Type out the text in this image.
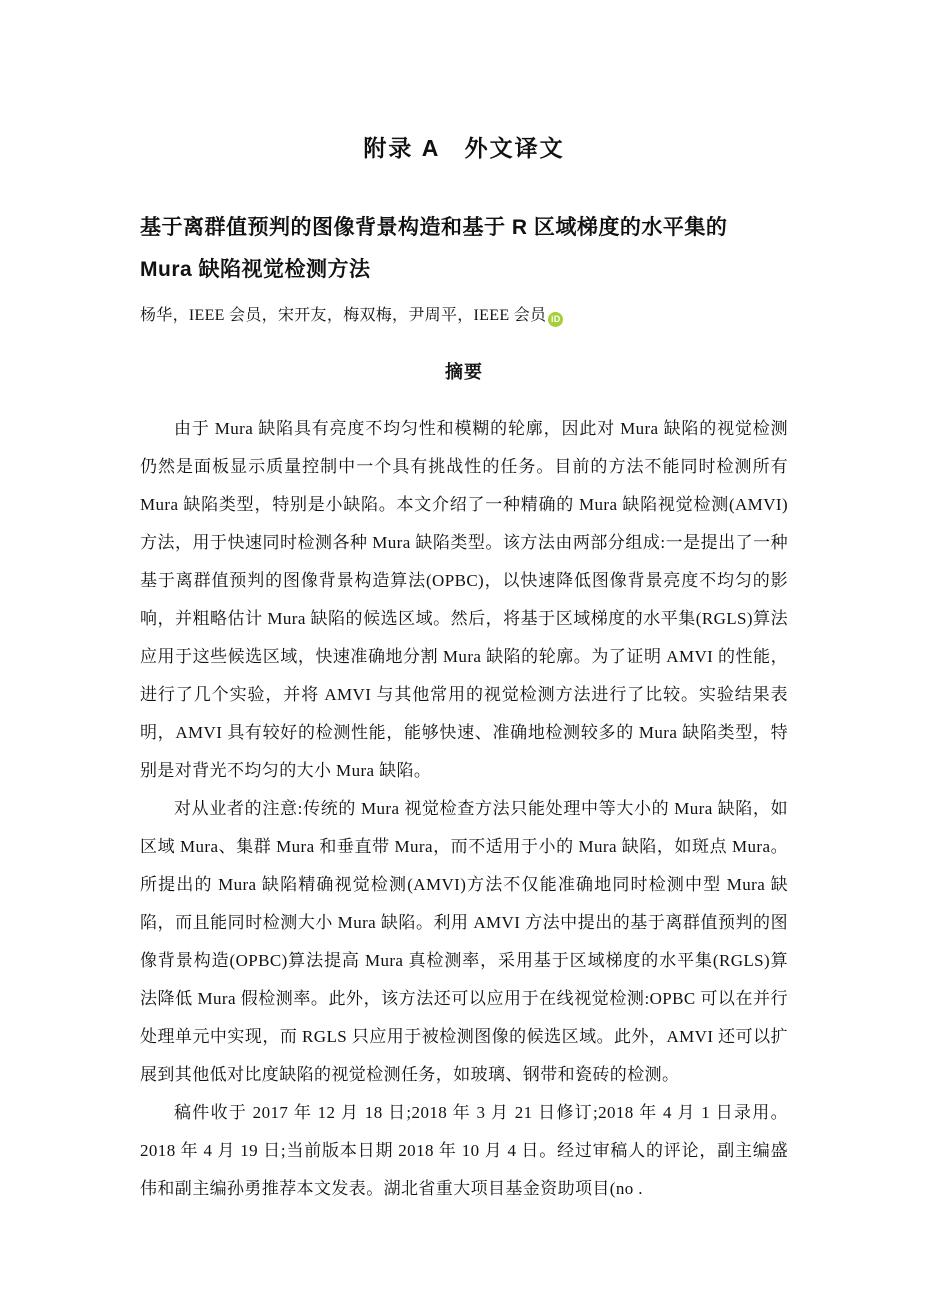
附录 A　外文译文
基于离群值预判的图像背景构造和基于 R 区域梯度的水平集的
Mura 缺陷视觉检测方法
杨华，IEEE 会员，宋开友，梅双梅，尹周平，IEEE 会员 iD
摘要

由于 Mura 缺陷具有亮度不均匀性和模糊的轮廓，因此对 Mura 缺陷的视觉检测仍然是面板显示质量控制中一个具有挑战性的任务。目前的方法不能同时检测所有 Mura 缺陷类型，特别是小缺陷。本文介绍了一种精确的 Mura 缺陷视觉检测(AMVI)方法，用于快速同时检测各种 Mura 缺陷类型。该方法由两部分组成:一是提出了一种基于离群值预判的图像背景构造算法(OPBC)，以快速降低图像背景亮度不均匀的影响，并粗略估计 Mura 缺陷的候选区域。然后，将基于区域梯度的水平集(RGLS)算法应用于这些候选区域，快速准确地分割 Mura 缺陷的轮廓。为了证明 AMVI 的性能，进行了几个实验，并将 AMVI 与其他常用的视觉检测方法进行了比较。实验结果表明，AMVI 具有较好的检测性能，能够快速、准确地检测较多的 Mura 缺陷类型，特别是对背光不均匀的大小 Mura 缺陷。

对从业者的注意:传统的 Mura 视觉检查方法只能处理中等大小的 Mura 缺陷，如区域 Mura、集群 Mura 和垂直带 Mura，而不适用于小的 Mura 缺陷，如斑点 Mura。所提出的 Mura 缺陷精确视觉检测(AMVI)方法不仅能准确地同时检测中型 Mura 缺陷，而且能同时检测大小 Mura 缺陷。利用 AMVI 方法中提出的基于离群值预判的图像背景构造(OPBC)算法提高 Mura 真检测率，采用基于区域梯度的水平集(RGLS)算法降低 Mura 假检测率。此外，该方法还可以应用于在线视觉检测:OPBC 可以在并行处理单元中实现，而 RGLS 只应用于被检测图像的候选区域。此外，AMVI 还可以扩展到其他低对比度缺陷的视觉检测任务，如玻璃、钢带和瓷砖的检测。

稿件收于 2017 年 12 月 18 日;2018 年 3 月 21 日修订;2018 年 4 月 1 日录用。2018 年 4 月 19 日;当前版本日期 2018 年 10 月 4 日。经过审稿人的评论，副主编盛伟和副主编孙勇推荐本文发表。湖北省重大项目基金资助项目(no .
